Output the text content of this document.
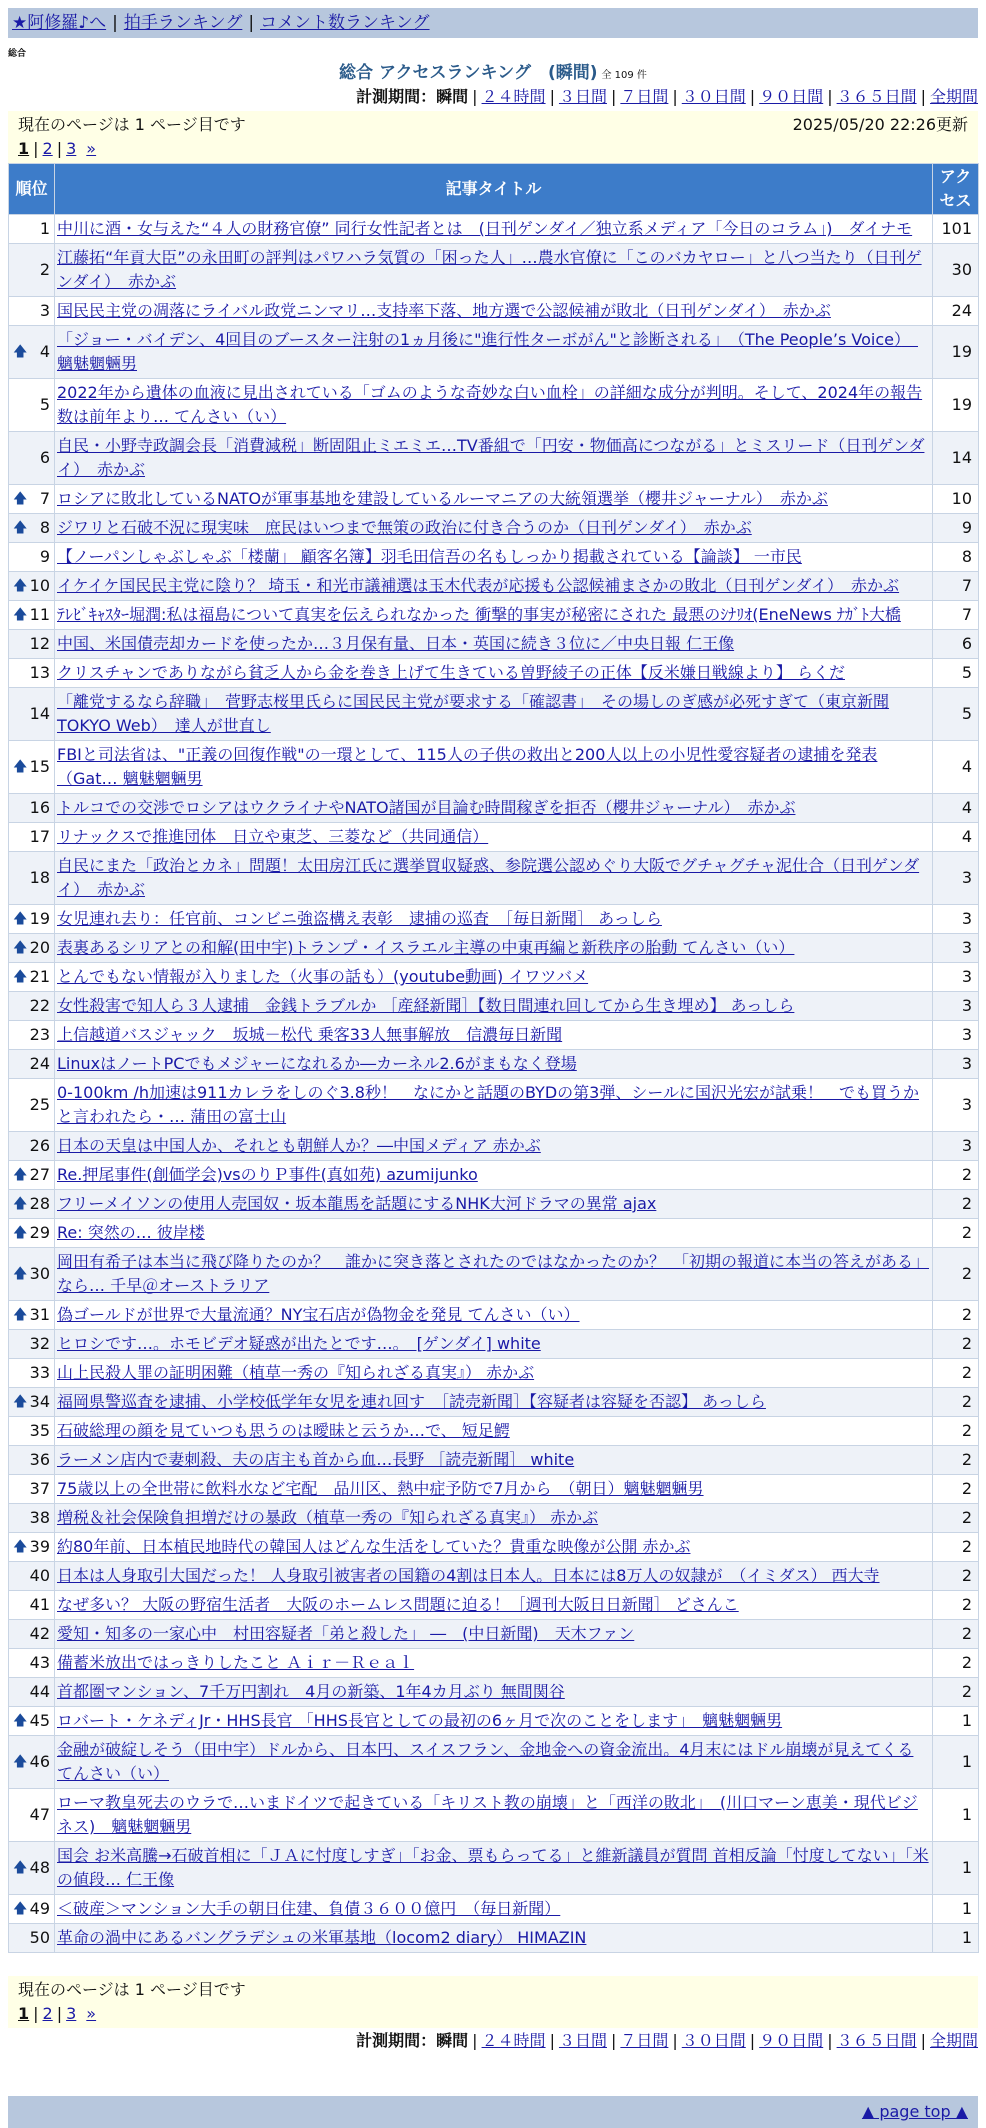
★阿修羅♪へ | 拍手ランキング | コメント数ランキング
総合
総合 アクセスランキング　(瞬間) 全 109 件
計測期間：瞬間 | ２４時間 | ３日間 | ７日間 | ３０日間 | ９０日間 | ３６５日間 | 全期間
現在のページは 1 ページ目です	2025/05/20 22:26更新
1 | 2 | 3 »
順位	記事タイトル	アクセス
1	中川に酒・女与えた“４人の財務官僚” 同行女性記者とは　(日刊ゲンダイ／独立系メディア「今日のコラム」)　ダイナモ	101
2	江藤拓“年貢大臣”の永田町の評判はパワハラ気質の「困った人」…農水官僚に「このバカヤロー」と八つ当たり（日刊ゲンダイ）　赤かぶ	30
3	国民民主党の凋落にライバル政党ニンマリ…支持率下落、地方選で公認候補が敗北（日刊ゲンダイ）　赤かぶ	24

🡅 4	「ジョー・バイデン、4回目のブースター注射の1ヵ月後に"進行性ターボがん"と診断される」　（The People’s Voice）　魑魅魍魎男	19
5	2022年から遺体の血液に見出されている「ゴムのような奇妙な白い血栓」の詳細な成分が判明。そして、2024年の報告数は前年より… てんさい（い）	19
6	自民・小野寺政調会長「消費減税」断固阻止ミエミエ…TV番組で「円安・物価高につながる」とミスリード（日刊ゲンダイ）　赤かぶ	14

🡅 7	ロシアに敗北しているNATOが軍事基地を建設しているルーマニアの大統領選挙（櫻井ジャーナル）　赤かぶ	10

🡅 8	ジワリと石破不況に現実味　庶民はいつまで無策の政治に付き合うのか（日刊ゲンダイ）　赤かぶ	9
9	【ノーパンしゃぶしゃぶ「楼蘭」 顧客名簿】羽毛田信吾の名もしっかり掲載されている【論談】 一市民	8

🡅 10	イケイケ国民民主党に陰り？ 埼玉・和光市議補選は玉木代表が応援も公認候補まさかの敗北（日刊ゲンダイ）　赤かぶ	7

🡅 11	ﾃﾚﾋﾞｷｬｽﾀｰ堀潤:私は福島について真実を伝えられなかった 衝撃的事実が秘密にされた 最悪のｼﾅﾘｵ(EneNews ﾅｶﾞﾄ大橋	7
12	中国、米国債売却カードを使ったか…３月保有量、日本・英国に続き３位に／中央日報 仁王像	6
13	クリスチャンでありながら貧乏人から金を巻き上げて生きている曽野綾子の正体【反米嫌日戦線より】 らくだ	5
14	「離党するなら辞職」　菅野志桜里氏らに国民民主党が要求する「確認書」　その場しのぎ感が必死すぎて（東京新聞TOKYO Web）　達人が世直し	5

🡅 15	FBIと司法省は、"正義の回復作戦"の一環として、115人の子供の救出と200人以上の小児性愛容疑者の逮捕を発表（Gat… 魑魅魍魎男	4
16	トルコでの交渉でロシアはウクライナやNATO諸国が目論む時間稼ぎを拒否（櫻井ジャーナル）　赤かぶ	4
17	リナックスで推進団体　日立や東芝、三菱など（共同通信）	4
18	自民にまた「政治とカネ」問題！太田房江氏に選挙買収疑惑、参院選公認めぐり大阪でグチャグチャ泥仕合（日刊ゲンダイ）　赤かぶ	3

🡅 19	女児連れ去り：任官前、コンビニ強盗構え表彰　逮捕の巡査　［毎日新聞］ あっしら	3

🡅 20	表裏あるシリアとの和解(田中宇)トランプ・イスラエル主導の中東再編と新秩序の胎動 てんさい（い）	3

🡅 21	とんでもない情報が入りました（火事の話も）(youtube動画) イワツバメ	3
22	女性殺害で知人ら３人逮捕　金銭トラブルか ［産経新聞］【数日間連れ回してから生き埋め】 あっしら	3
23	上信越道バスジャック　坂城－松代 乗客33人無事解放　信濃毎日新聞	3
24	LinuxはノートPCでもメジャーになれるか―カーネル2.6がまもなく登場	3
25	0-100km /h加速は911カレラをしのぐ3.8秒！　なにかと話題のBYDの第3弾、シールに国沢光宏が試乗！　でも買うかと言われたら・… 蒲田の富士山	3
26	日本の天皇は中国人か、それとも朝鮮人か？―中国メディア 赤かぶ	3

🡅 27	Re.押尾事件(創価学会)vsのりＰ事件(真如苑) azumijunko	2

🡅 28	フリーメイソンの使用人売国奴・坂本龍馬を話題にするNHK大河ドラマの異常 ajax	2

🡅 29	Re: 突然の… 彼岸楼	2

🡅 30	岡田有希子は本当に飛び降りたのか？　誰かに突き落とされたのではなかったのか？　「初期の報道に本当の答えがある」なら… 千早＠オーストラリア	2

🡅 31	偽ゴールドが世界で大量流通？NY宝石店が偽物金を発見 てんさい（い）	2
32	ヒロシです…。ホモビデオ疑惑が出たとです…。　[ゲンダイ] white	2
33	山上民殺人罪の証明困難（植草一秀の『知られざる真実』） 赤かぶ	2

🡅 34	福岡県警巡査を逮捕、小学校低学年女児を連れ回す　［読売新聞］【容疑者は容疑を否認】 あっしら	2
35	石破総理の顔を見ていつも思うのは曖昧と云うか…で、 短足鰐	2
36	ラーメン店内で妻刺殺、夫の店主も首から血…長野 ［読売新聞］ white	2
37	75歳以上の全世帯に飲料水など宅配　品川区、熱中症予防で7月から　（朝日）魑魅魍魎男	2
38	増税＆社会保険負担増だけの暴政（植草一秀の『知られざる真実』） 赤かぶ	2

🡅 39	約80年前、日本植民地時代の韓国人はどんな生活をしていた？貴重な映像が公開 赤かぶ	2
40	日本は人身取引大国だった！ 人身取引被害者の国籍の4割は日本人。日本には8万人の奴隷が　（イミダス） 西大寺	2
41	なぜ多い？ 大阪の野宿生活者　大阪のホームレス問題に迫る！［週刊大阪日日新聞］ どさんこ	2
42	愛知・知多の一家心中　村田容疑者「弟と殺した」 ―　(中日新聞)　天木ファン	2
43	備蓄米放出ではっきりしたこと Ａｉｒ－Ｒｅａｌ	2
44	首都圏マンション、7千万円割れ　4月の新築、1年4カ月ぶり 無間関谷	2

🡅 45	ロバート・ケネディJr・HHS長官 「HHS長官としての最初の6ヶ月で次のことをします」　魑魅魍魎男	1

🡅 46	金融が破綻しそう（田中宇）ドルから、日本円、スイスフラン、金地金への資金流出。4月末にはドル崩壊が見えてくる てんさい（い）	1
47	ローマ教皇死去のウラで…いまドイツで起きている「キリスト教の崩壊」と「西洋の敗北」　(川口マーン恵美・現代ビジネス)　魑魅魍魎男	1

🡅 48	国会 お米高騰→石破首相に「ＪＡに忖度しすぎ」「お金、票もらってる」と維新議員が質問 首相反論「忖度してない」「米の値段… 仁王像	1

🡅 49	＜破産＞マンション大手の朝日住建、負債３６００億円　（毎日新聞）	1
50	革命の渦中にあるバングラデシュの米軍基地（locom2 diary） HIMAZIN	1
現在のページは 1 ページ目です
1 | 2 | 3 »
計測期間：瞬間 | ２４時間 | ３日間 | ７日間 | ３０日間 | ９０日間 | ３６５日間 | 全期間
▲ page top ▲
